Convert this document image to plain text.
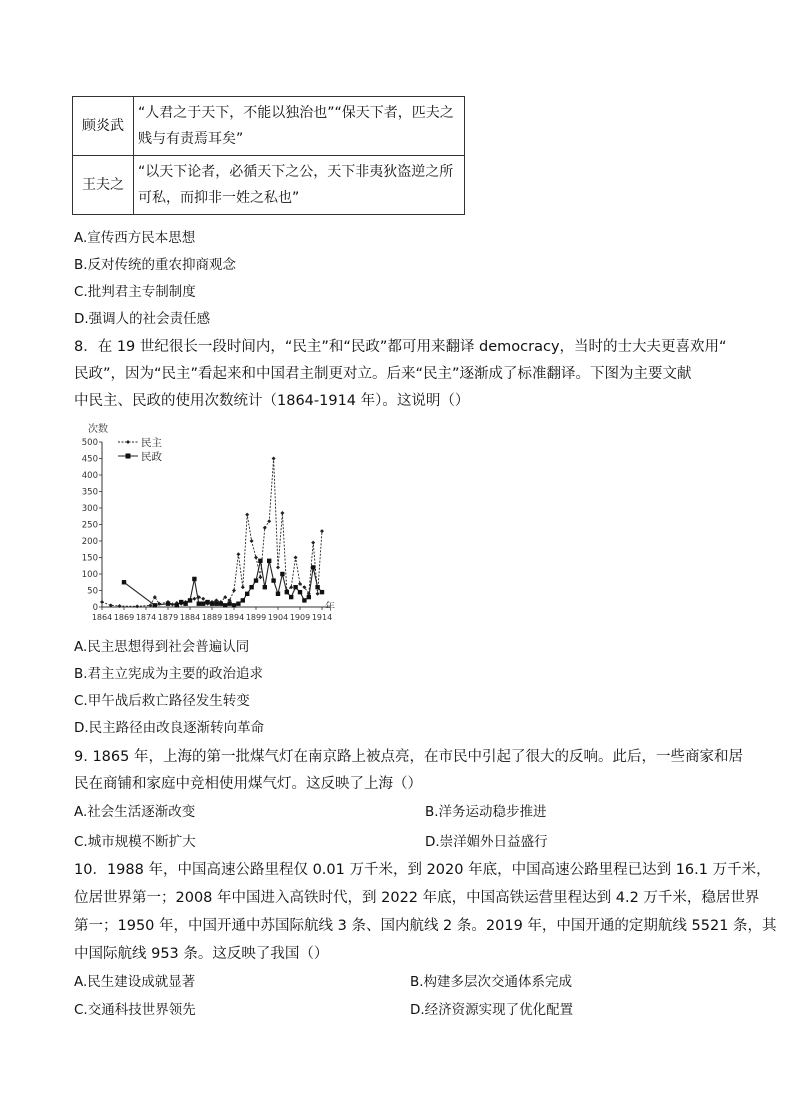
顾炎武	“人君之于天下，不能以独治也”“保天下者，匹夫之贱与有责焉耳矣”
王夫之	“以天下论者，必循天下之公，天下非夷狄盗逆之所可私，而抑非一姓之私也”
A.宣传西方民本思想
B.反对传统的重农抑商观念
C.批判君主专制制度
D.强调人的社会责任感
8．在 19 世纪很长一段时间内，“民主”和“民政”都可用来翻译 democracy，当时的士大夫更喜欢用“
民政”，因为“民主”看起来和中国君主制更对立。后来“民主”逐渐成了标准翻译。下图为主要文献
中民主、民政的使用次数统计（1864-1914 年）。这说明（）
次数
年
0
50
100
150
200
250
300
350
400
450
500
1864 1869 1874 1879 1884 1889 1894 1899 1904 1909 1914
民主
民政
A.民主思想得到社会普遍认同
B.君主立宪成为主要的政治追求
C.甲午战后救亡路径发生转变
D.民主路径由改良逐渐转向革命
9. 1865 年，上海的第一批煤气灯在南京路上被点亮，在市民中引起了很大的反响。此后，一些商家和居
民在商铺和家庭中竞相使用煤气灯。这反映了上海（）
A.社会生活逐渐改变	B.洋务运动稳步推进
C.城市规模不断扩大	D.崇洋媚外日益盛行
10．1988 年，中国高速公路里程仅 0.01 万千米，到 2020 年底，中国高速公路里程已达到 16.1 万千米，
位居世界第一；2008 年中国进入高铁时代，到 2022 年底，中国高铁运营里程达到 4.2 万千米，稳居世界
第一；1950 年，中国开通中苏国际航线 3 条、国内航线 2 条。2019 年，中国开通的定期航线 5521 条，其
中国际航线 953 条。这反映了我国（）
A.民生建设成就显著	B.构建多层次交通体系完成
C.交通科技世界领先	D.经济资源实现了优化配置
